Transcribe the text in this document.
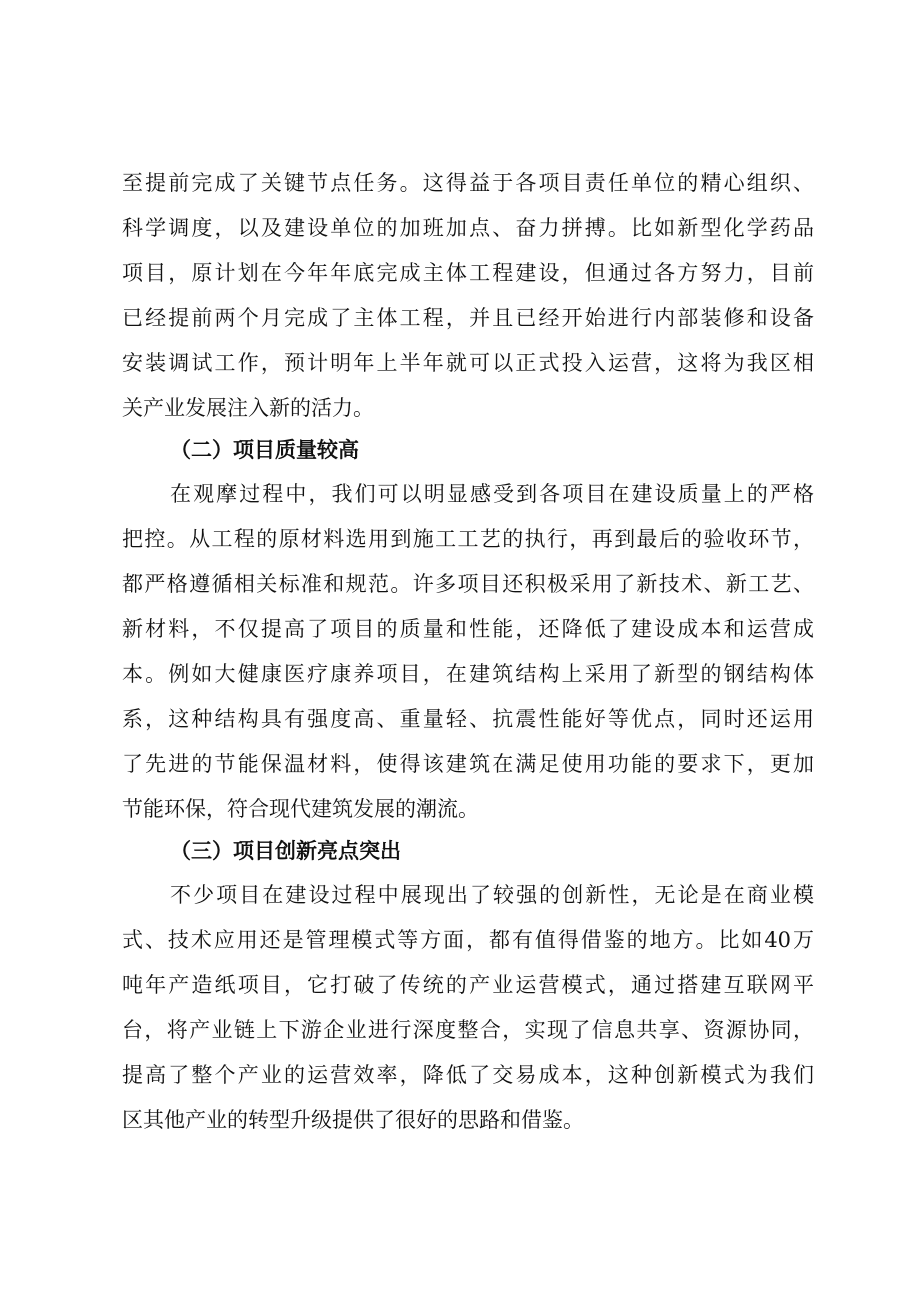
至提前完成了关键节点任务。这得益于各项目责任单位的精心组织、
科学调度，以及建设单位的加班加点、奋力拼搏。比如新型化学药品
项目，原计划在今年年底完成主体工程建设，但通过各方努力，目前
已经提前两个月完成了主体工程，并且已经开始进行内部装修和设备
安装调试工作，预计明年上半年就可以正式投入运营，这将为我区相
关产业发展注入新的活力。
（二）项目质量较高
在观摩过程中，我们可以明显感受到各项目在建设质量上的严格
把控。从工程的原材料选用到施工工艺的执行，再到最后的验收环节，
都严格遵循相关标准和规范。许多项目还积极采用了新技术、新工艺、
新材料，不仅提高了项目的质量和性能，还降低了建设成本和运营成
本。例如大健康医疗康养项目，在建筑结构上采用了新型的钢结构体
系，这种结构具有强度高、重量轻、抗震性能好等优点，同时还运用
了先进的节能保温材料，使得该建筑在满足使用功能的要求下，更加
节能环保，符合现代建筑发展的潮流。
（三）项目创新亮点突出
不少项目在建设过程中展现出了较强的创新性，无论是在商业模
式、技术应用还是管理模式等方面，都有值得借鉴的地方。比如40万
吨年产造纸项目，它打破了传统的产业运营模式，通过搭建互联网平
台，将产业链上下游企业进行深度整合，实现了信息共享、资源协同，
提高了整个产业的运营效率，降低了交易成本，这种创新模式为我们
区其他产业的转型升级提供了很好的思路和借鉴。
